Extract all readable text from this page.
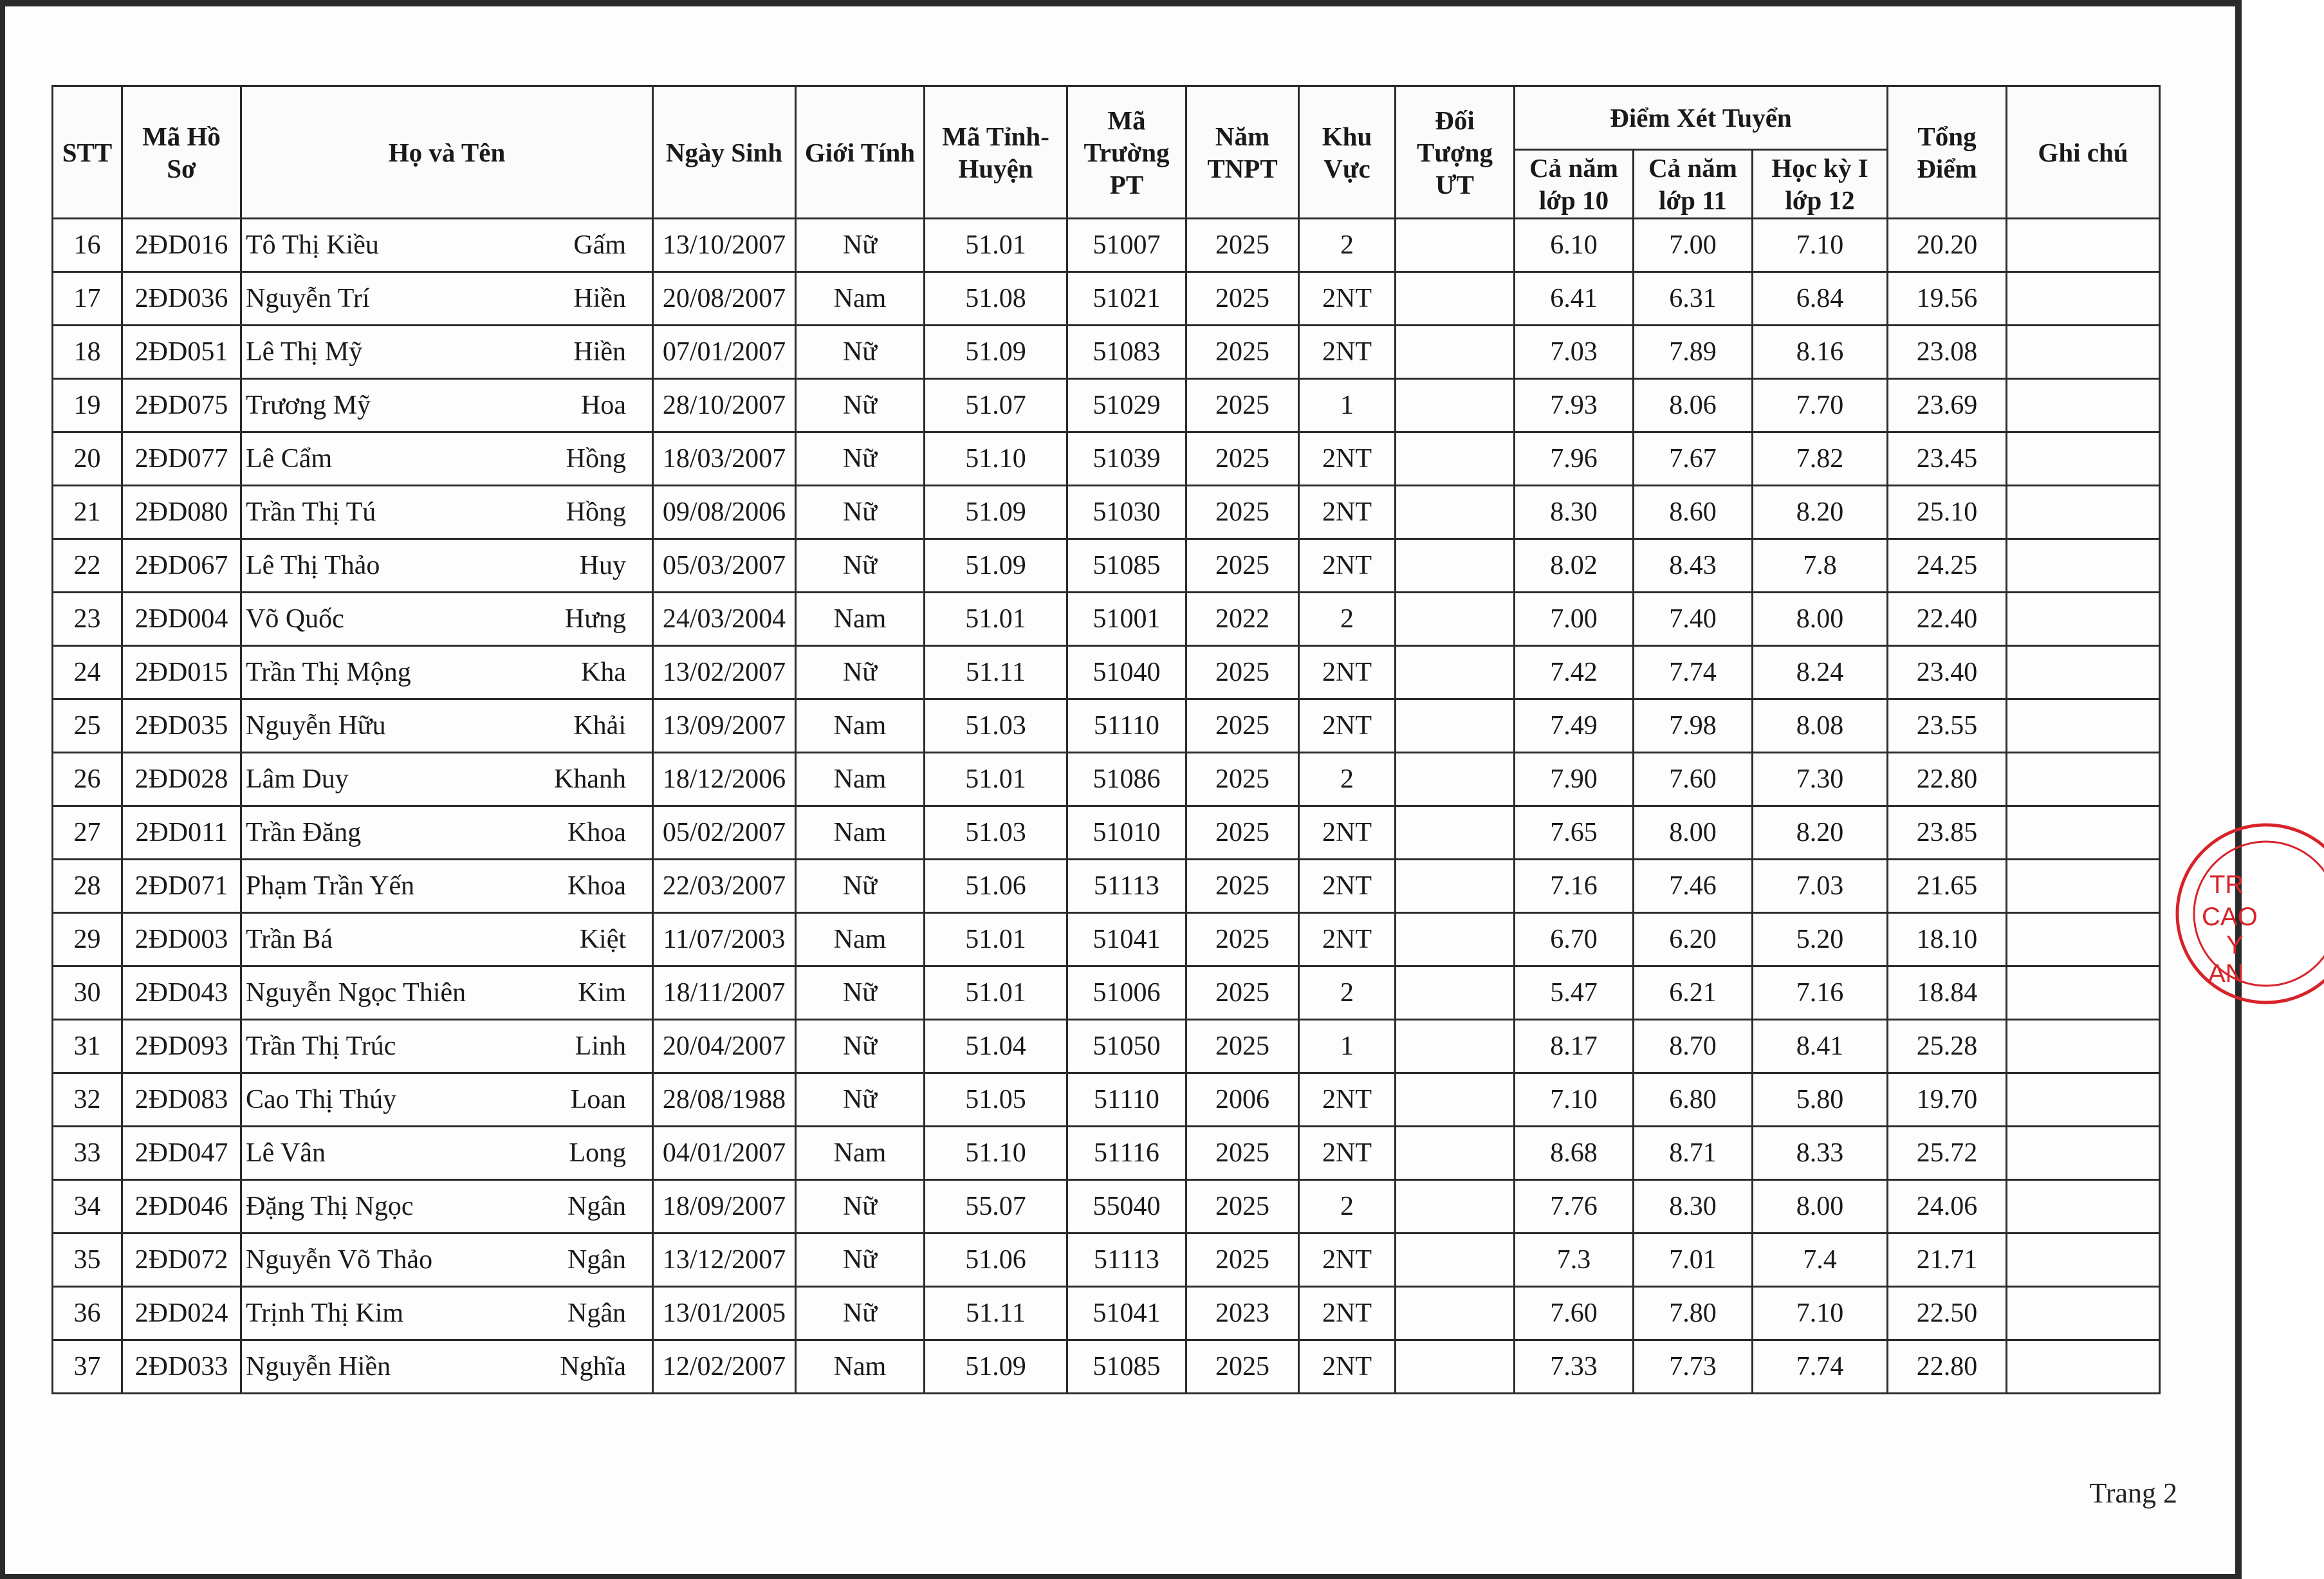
STT	Mã Hồ Sơ	Họ và Tên	Ngày Sinh	Giới Tính	Mã Tỉnh-Huyện	Mã Trường PT	Năm TNPT	Khu Vực	Đối Tượng ƯT	Điểm Xét Tuyển			Tổng Điểm	Ghi chú
										Cả năm lớp 10	Cả năm lớp 11	Học kỳ I lớp 12		
16	2ĐD016	Tô Thị Kiều Gấm	13/10/2007	Nữ	51.01	51007	2025	2		6.10	7.00	7.10	20.20	
17	2ĐD036	Nguyễn Trí Hiền	20/08/2007	Nam	51.08	51021	2025	2NT		6.41	6.31	6.84	19.56	
18	2ĐD051	Lê Thị Mỹ Hiền	07/01/2007	Nữ	51.09	51083	2025	2NT		7.03	7.89	8.16	23.08	
19	2ĐD075	Trương Mỹ Hoa	28/10/2007	Nữ	51.07	51029	2025	1		7.93	8.06	7.70	23.69	
20	2ĐD077	Lê Cẩm Hồng	18/03/2007	Nữ	51.10	51039	2025	2NT		7.96	7.67	7.82	23.45	
21	2ĐD080	Trần Thị Tú Hồng	09/08/2006	Nữ	51.09	51030	2025	2NT		8.30	8.60	8.20	25.10	
22	2ĐD067	Lê Thị Thảo Huy	05/03/2007	Nữ	51.09	51085	2025	2NT		8.02	8.43	7.8	24.25	
23	2ĐD004	Võ Quốc Hưng	24/03/2004	Nam	51.01	51001	2022	2		7.00	7.40	8.00	22.40	
24	2ĐD015	Trần Thị Mộng Kha	13/02/2007	Nữ	51.11	51040	2025	2NT		7.42	7.74	8.24	23.40	
25	2ĐD035	Nguyễn Hữu Khải	13/09/2007	Nam	51.03	51110	2025	2NT		7.49	7.98	8.08	23.55	
26	2ĐD028	Lâm Duy Khanh	18/12/2006	Nam	51.01	51086	2025	2		7.90	7.60	7.30	22.80	
27	2ĐD011	Trần Đăng Khoa	05/02/2007	Nam	51.03	51010	2025	2NT		7.65	8.00	8.20	23.85	
28	2ĐD071	Phạm Trần Yến Khoa	22/03/2007	Nữ	51.06	51113	2025	2NT		7.16	7.46	7.03	21.65	
29	2ĐD003	Trần Bá Kiệt	11/07/2003	Nam	51.01	51041	2025	2NT		6.70	6.20	5.20	18.10	
30	2ĐD043	Nguyễn Ngọc Thiên Kim	18/11/2007	Nữ	51.01	51006	2025	2		5.47	6.21	7.16	18.84	
31	2ĐD093	Trần Thị Trúc Linh	20/04/2007	Nữ	51.04	51050	2025	1		8.17	8.70	8.41	25.28	
32	2ĐD083	Cao Thị Thúy Loan	28/08/1988	Nữ	51.05	51110	2006	2NT		7.10	6.80	5.80	19.70	
33	2ĐD047	Lê Vân Long	04/01/2007	Nam	51.10	51116	2025	2NT		8.68	8.71	8.33	25.72	
34	2ĐD046	Đặng Thị Ngọc Ngân	18/09/2007	Nữ	55.07	55040	2025	2		7.76	8.30	8.00	24.06	
35	2ĐD072	Nguyễn Võ Thảo Ngân	13/12/2007	Nữ	51.06	51113	2025	2NT		7.3	7.01	7.4	21.71	
36	2ĐD024	Trịnh Thị Kim Ngân	13/01/2005	Nữ	51.11	51041	2023	2NT		7.60	7.80	7.10	22.50	
37	2ĐD033	Nguyễn Hiền Nghĩa	12/02/2007	Nam	51.09	51085	2025	2NT		7.33	7.73	7.74	22.80	
TR
CAO
Y
AN
Trang 2
